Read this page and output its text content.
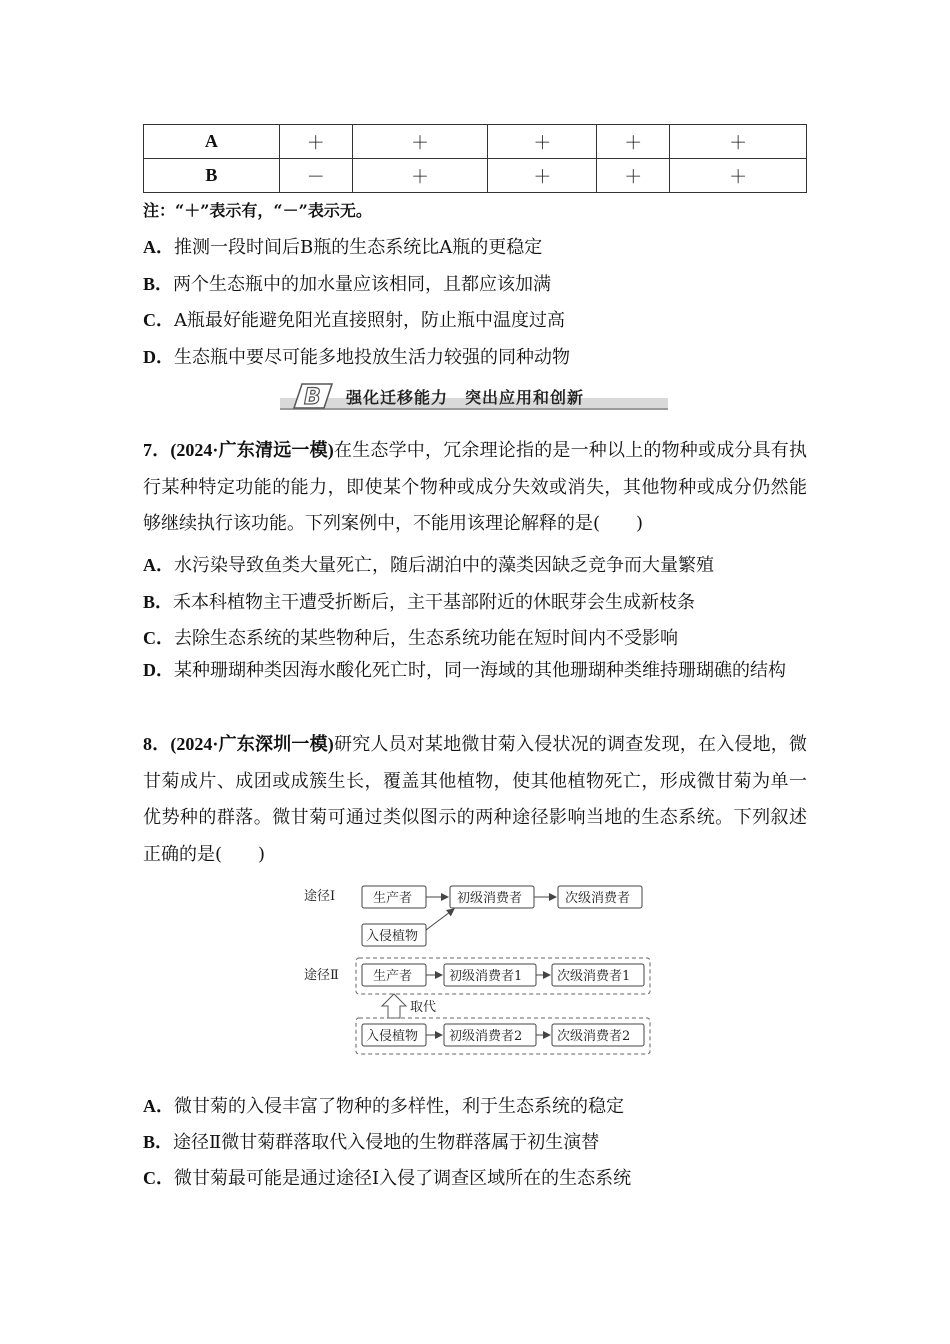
A	＋	＋	＋	＋	＋
B	－	＋	＋	＋	＋
注：“＋”表示有，“－”表示无。
A．推测一段时间后B瓶的生态系统比A瓶的更稳定
B．两个生态瓶中的加水量应该相同，且都应该加满
C．A瓶最好能避免阳光直接照射，防止瓶中温度过高
D．生态瓶中要尽可能多地投放生活力较强的同种动物
B 强化迁移能力　突出应用和创新
7．(2024·广东清远一模)在生态学中，冗余理论指的是一种以上的物种或成分具有执行某种特定功能的能力，即使某个物种或成分失效或消失，其他物种或成分仍然能够继续执行该功能。下列案例中，不能用该理论解释的是(　　)
A．水污染导致鱼类大量死亡，随后湖泊中的藻类因缺乏竞争而大量繁殖
B．禾本科植物主干遭受折断后，主干基部附近的休眠芽会生成新枝条
C．去除生态系统的某些物种后，生态系统功能在短时间内不受影响
D．某种珊瑚种类因海水酸化死亡时，同一海域的其他珊瑚种类维持珊瑚礁的结构
8．(2024·广东深圳一模)研究人员对某地微甘菊入侵状况的调查发现，在入侵地，微甘菊成片、成团或成簇生长，覆盖其他植物，使其他植物死亡，形成微甘菊为单一优势种的群落。微甘菊可通过类似图示的两种途径影响当地的生态系统。下列叙述正确的是(　　)
途径Ⅰ	生产者	初级消费者	次级消费者
入侵植物
途径Ⅱ	生产者	初级消费者1	次级消费者1
取代
入侵植物 初级消费者2	次级消费者2
A．微甘菊的入侵丰富了物种的多样性，利于生态系统的稳定
B．途径Ⅱ微甘菊群落取代入侵地的生物群落属于初生演替
C．微甘菊最可能是通过途径Ⅰ入侵了调查区域所在的生态系统
